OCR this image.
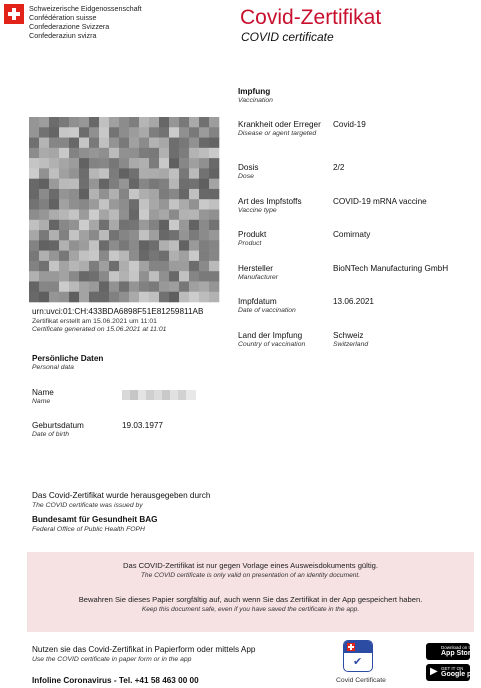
Schweizerische Eidgenossenschaft
Confédération suisse
Confederazione Svizzera
Confederaziun svizra
Covid-Zertifikat
COVID certificate
urn:uvci:01:CH:433BDA6898F51E81259811AB
Zertifikat erstellt am 15.06.2021 um 11:01
Certificate generated on 15.06.2021 at 11:01
Impfung
Vaccination
Krankheit oder Erreger
Disease or agent targeted
Covid-19
Dosis
Dose
2/2
Art des Impfstoffs
Vaccine type
COVID-19 mRNA vaccine
Produkt
Product
Comirnaty
Hersteller
Manufacturer
BioNTech Manufacturing GmbH
Impfdatum
Date of vaccination
13.06.2021
Land der Impfung
Country of vaccination
Schweiz
Switzerland
Persönliche Daten
Personal data
Name
Name
Geburtsdatum
Date of birth
19.03.1977
Das Covid-Zertifikat wurde herausgegeben durch
The COVID certificate was issued by
Bundesamt für Gesundheit BAG
Federal Office of Public Health FOPH
Das COVID-Zertifikat ist nur gegen Vorlage eines Ausweisdokuments gültig.
The COVID certificate is only valid on presentation of an identity document.
Bewahren Sie dieses Papier sorgfältig auf, auch wenn Sie das Zertifikat in der App gespeichert haben.
Keep this document safe, even if you have saved the certificate in the app.
Nutzen sie das Covid-Zertifikat in Papierform oder mittels App
Use the COVID certificate in paper form or in the app
Infoline Coronavirus - Tel. +41 58 463 00 00
✔
Covid Certificate
Download on the
App Store
▶ GET IT ON
Google play
